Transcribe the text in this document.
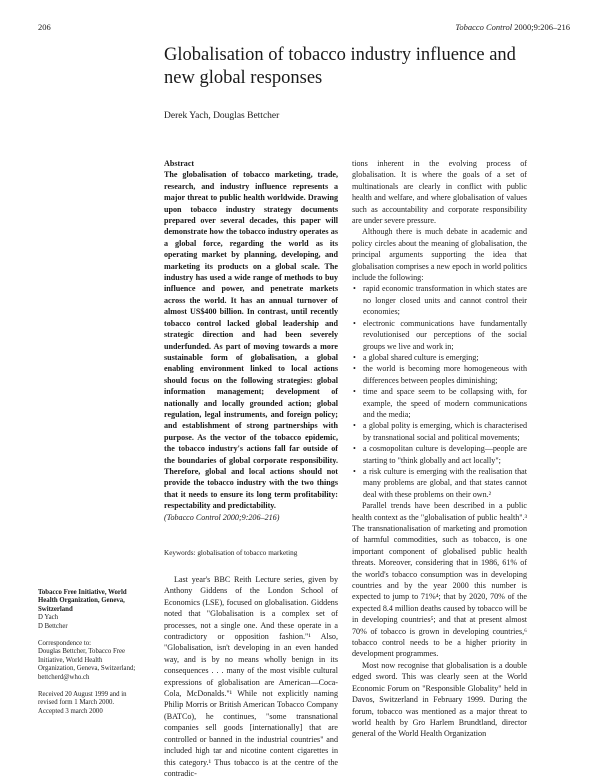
206	Tobacco Control 2000;9:206–216
Globalisation of tobacco industry influence and new global responses
Derek Yach, Douglas Bettcher

Abstract

The globalisation of tobacco marketing, trade, research, and industry influence represents a major threat to public health worldwide. Drawing upon tobacco industry strategy documents prepared over several decades, this paper will demonstrate how the tobacco industry operates as a global force, regarding the world as its operating market by planning, developing, and marketing its products on a global scale. The industry has used a wide range of methods to buy influence and power, and penetrate markets across the world. It has an annual turnover of almost US$400 billion. In contrast, until recently tobacco control lacked global leadership and strategic direction and had been severely underfunded. As part of moving towards a more sustainable form of globalisation, a global enabling environment linked to local actions should focus on the following strategies: global information management; development of nationally and locally grounded action; global regulation, legal instruments, and foreign policy; and establishment of strong partnerships with purpose. As the vector of the tobacco epidemic, the tobacco industry's actions fall far outside of the boundaries of global corporate responsibility. Therefore, global and local actions should not provide the tobacco industry with the two things that it needs to ensure its long term profitability: respectability and predictability.

(Tobacco Control 2000;9:206–216)

Keywords: globalisation of tobacco marketing

Last year's BBC Reith Lecture series, given by Anthony Giddens of the London School of Economics (LSE), focused on globalisation. Giddens noted that "Globalisation is a complex set of processes, not a single one. And these operate in a contradictory or opposition fashion."¹ Also, "Globalisation, isn't developing in an even handed way, and is by no means wholly benign in its consequences . . . many of the most visible cultural expressions of globalisation are American—Coca-Cola, McDonalds."¹ While not explicitly naming Philip Morris or British American Tobacco Company (BATCo), he continues, "some transnational companies sell goods [internationally] that are controlled or banned in the industrial countries" and included high tar and nicotine content cigarettes in this category.¹ Thus tobacco is at the centre of the contradic-

tions inherent in the evolving process of globalisation. It is where the goals of a set of multinationals are clearly in conflict with public health and welfare, and where globalisation of values such as accountability and corporate responsibility are under severe pressure.

Although there is much debate in academic and policy circles about the meaning of globalisation, the principal arguments supporting the idea that globalisation comprises a new epoch in world politics include the following:

• rapid economic transformation in which states are no longer closed units and cannot control their economies;
• electronic communications have fundamentally revolutionised our perceptions of the social groups we live and work in;
• a global shared culture is emerging;
• the world is becoming more homogeneous with differences between peoples diminishing;
• time and space seem to be collapsing with, for example, the speed of modern communications and the media;
• a global polity is emerging, which is characterised by transnational social and political movements;
• a cosmopolitan culture is developing—people are starting to "think globally and act locally";
• a risk culture is emerging with the realisation that many problems are global, and that states cannot deal with these problems on their own.²

Parallel trends have been described in a public health context as the "globalisation of public health".³ The transnationalisation of marketing and promotion of harmful commodities, such as tobacco, is one important component of globalised public health threats. Moreover, considering that in 1986, 61% of the world's tobacco consumption was in developing countries and by the year 2000 this number is expected to jump to 71%⁴; that by 2020, 70% of the expected 8.4 million deaths caused by tobacco will be in developing countries⁵; and that at present almost 70% of tobacco is grown in developing countries,⁶ tobacco control needs to be a higher priority in development programmes.

Most now recognise that globalisation is a double edged sword. This was clearly seen at the World Economic Forum on "Responsible Globality" held in Davos, Switzerland in February 1999. During the forum, tobacco was mentioned as a major threat to world health by Gro Harlem Brundtland, director general of the World Health Organization

Tobacco Free Initiative, World Health Organization, Geneva, Switzerland

D Yach

D Bettcher

Correspondence to:

Douglas Bettcher, Tobacco Free Initiative, World Health Organization, Geneva, Switzerland; bettcherd@who.ch

Received 20 August 1999 and in revised form 1 March 2000. Accepted 3 march 2000
